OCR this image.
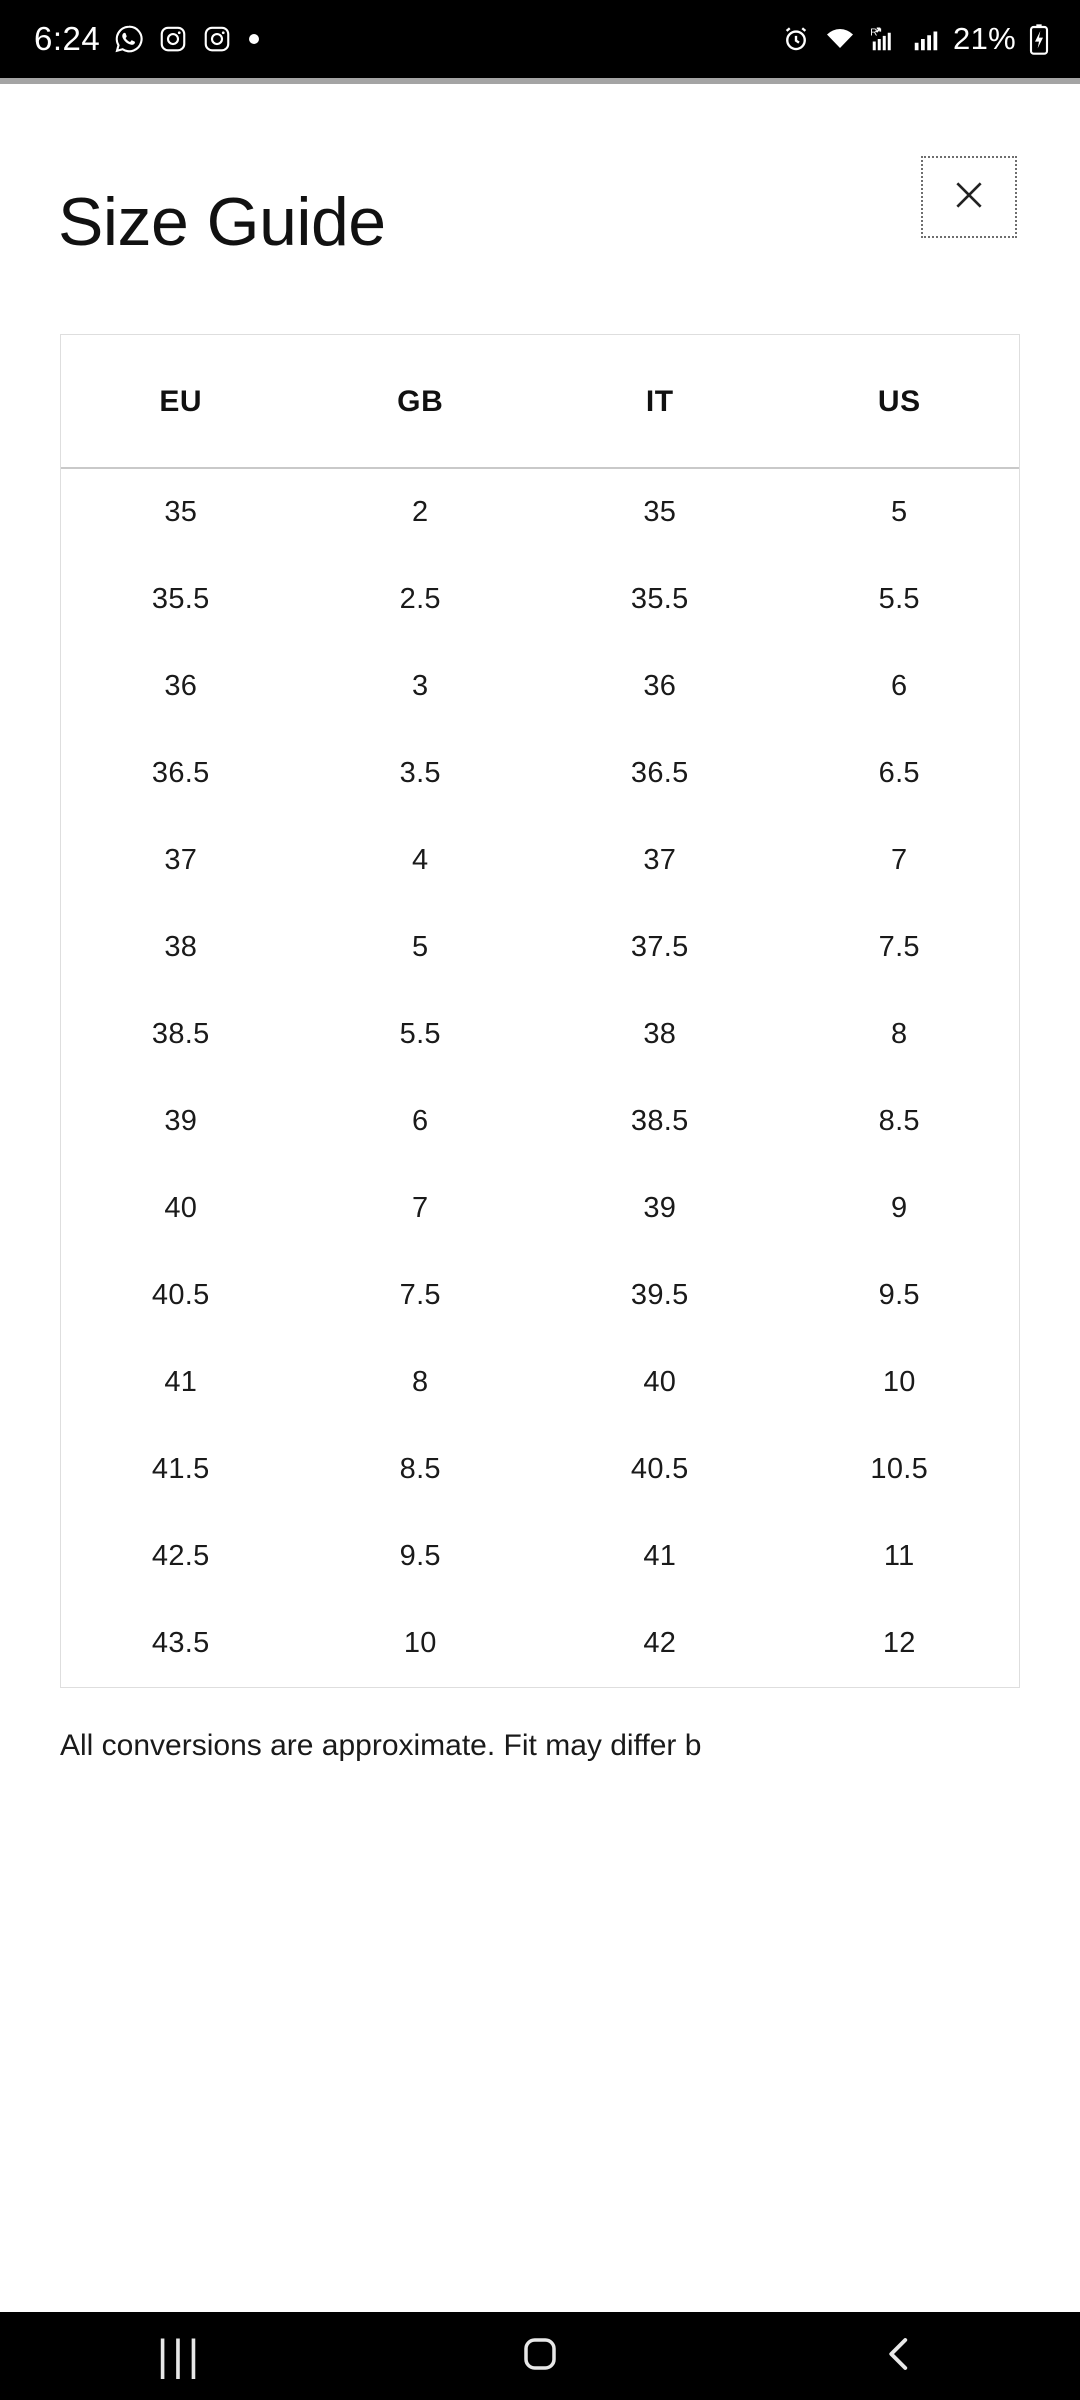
6:24	R 21%
Size Guide
EU	GB	IT	US
35	2	35	5
35.5	2.5	35.5	5.5
36	3	36	6
36.5	3.5	36.5	6.5
37	4	37	7
38	5	37.5	7.5
38.5	5.5	38	8
39	6	38.5	8.5
40	7	39	9
40.5	7.5	39.5	9.5
41	8	40	10
41.5	8.5	40.5	10.5
42.5	9.5	41	11
43.5	10	42	12
All conversions are approximate. Fit may differ b
|||
